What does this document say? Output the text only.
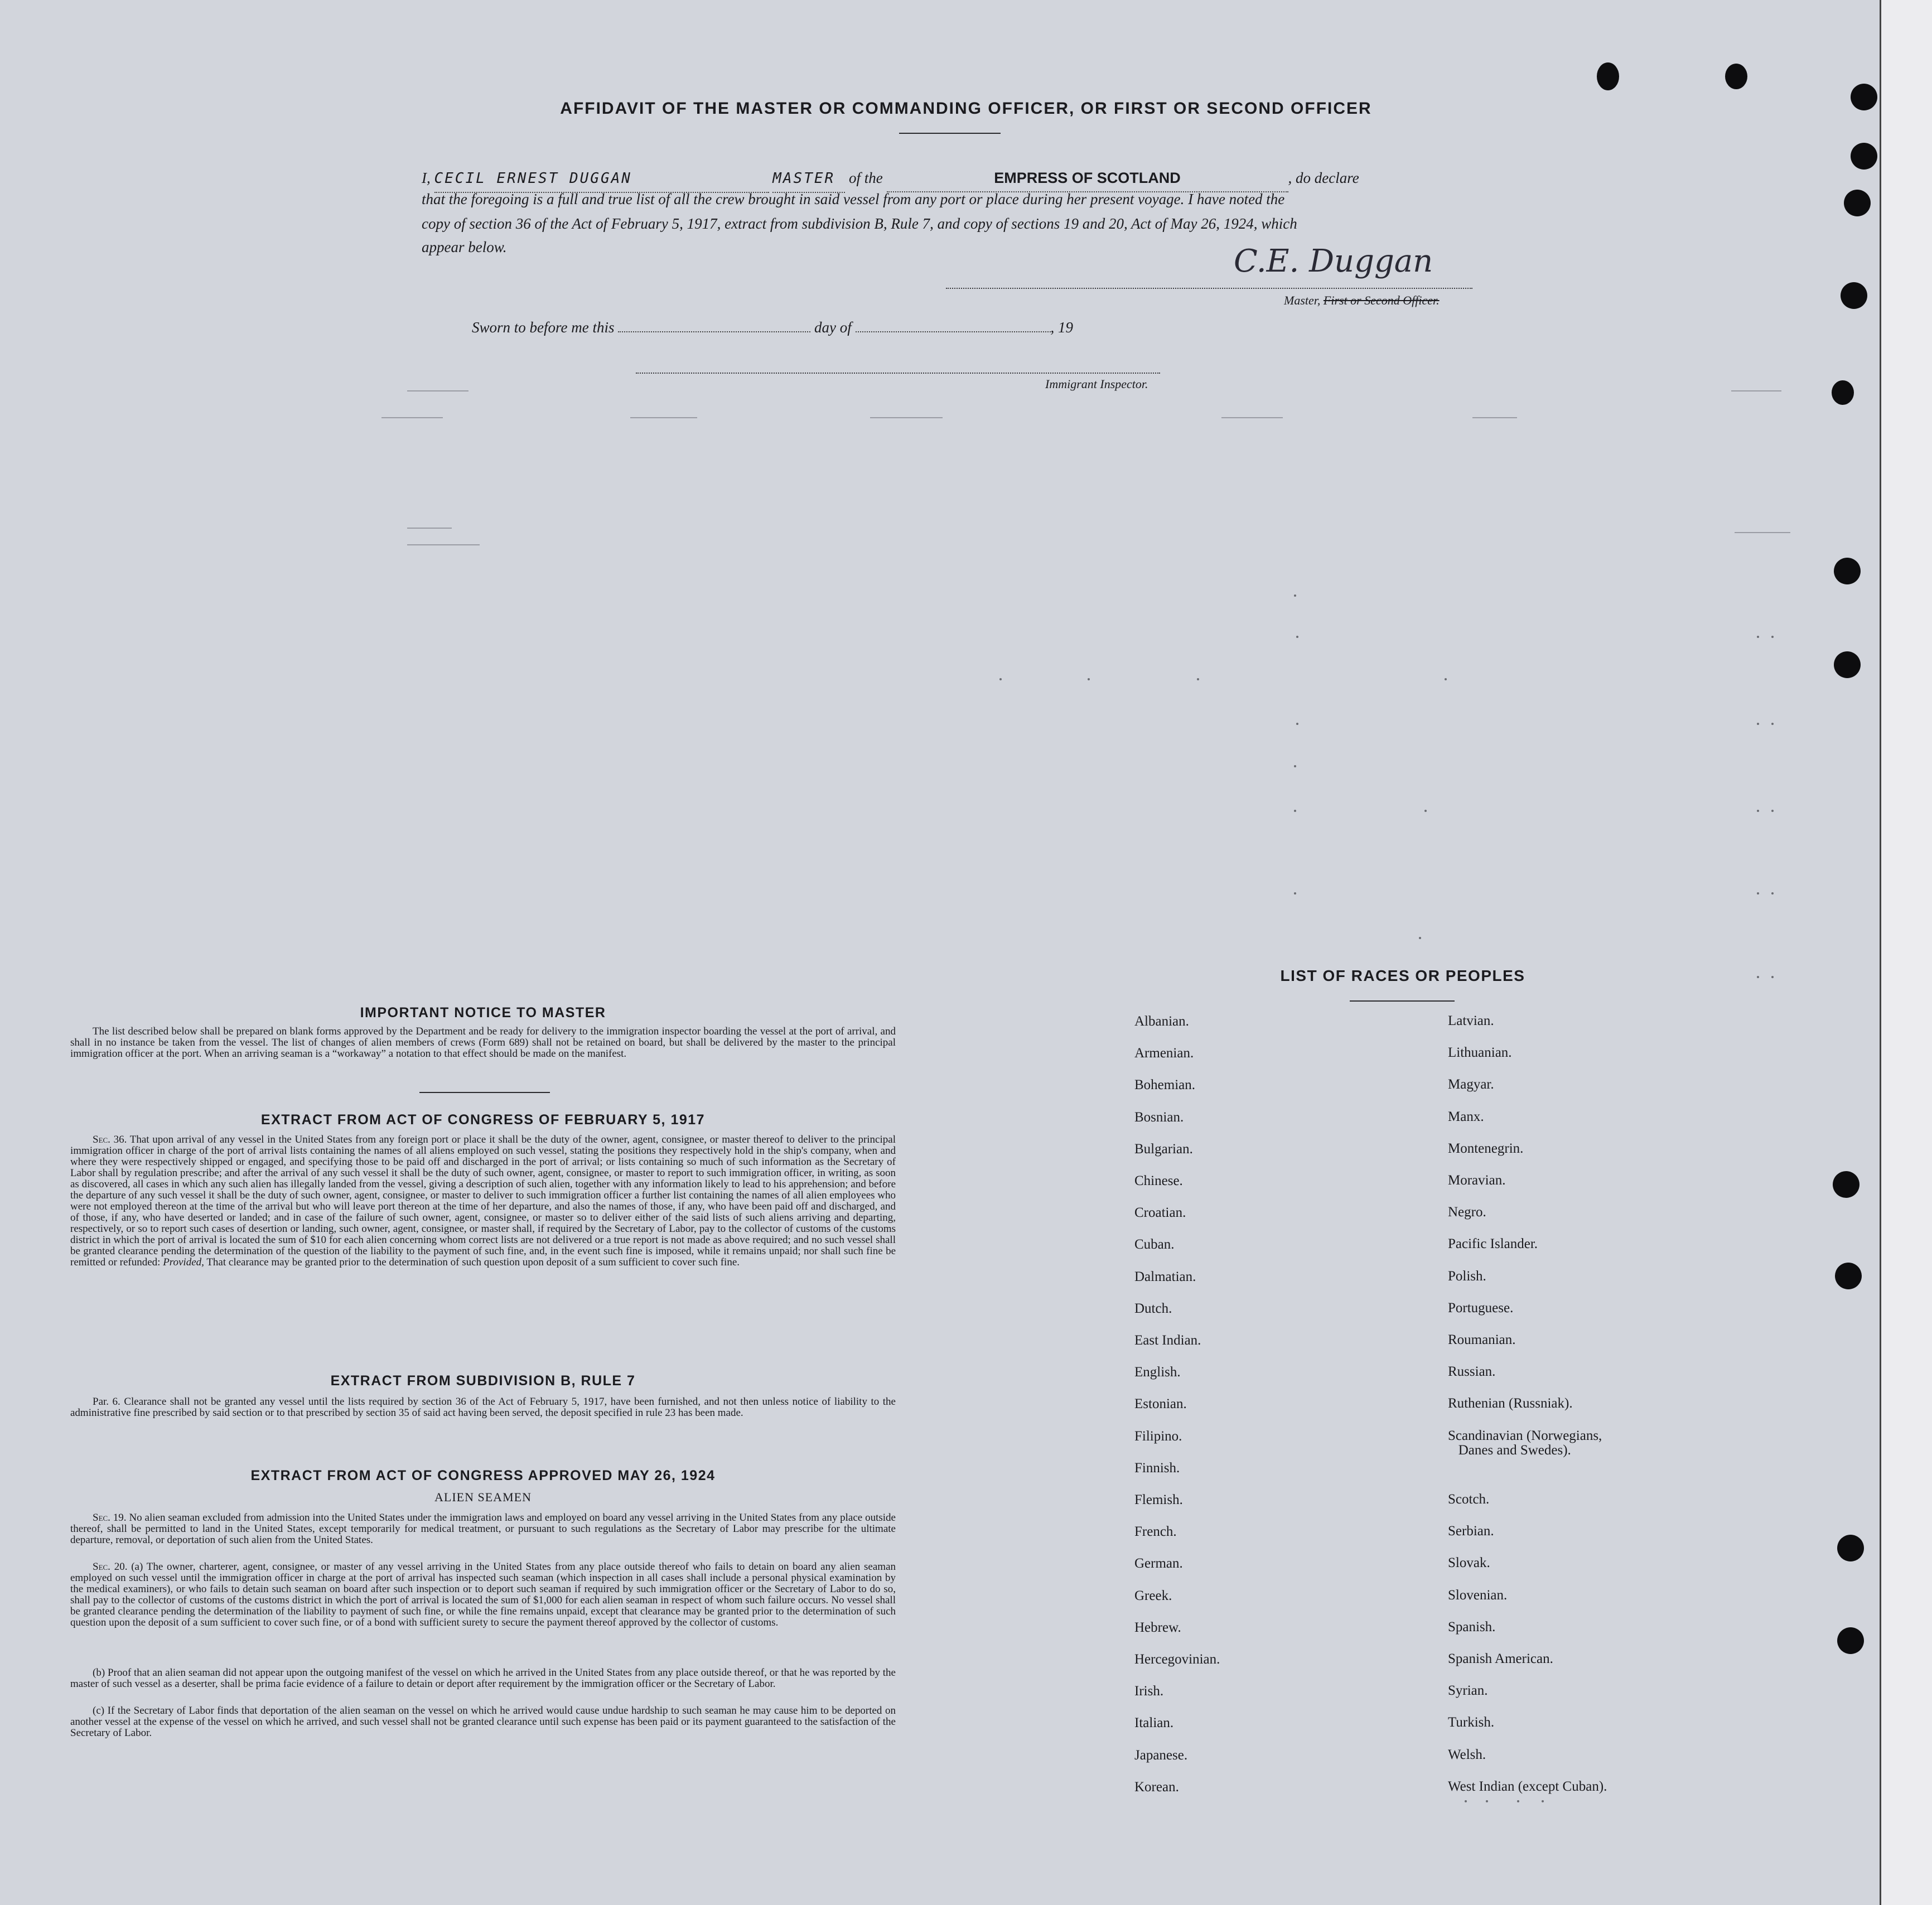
AFFIDAVIT OF THE MASTER OR COMMANDING OFFICER, OR FIRST OR SECOND OFFICER
I, CECIL ERNEST DUGGAN	MASTER of the	EMPRESS OF SCOTLAND	, do declare
that the foregoing is a full and true list of all the crew brought in said vessel from any port or place during her present voyage. I have noted the
copy of section 36 of the Act of February 5, 1917, extract from subdivision B, Rule 7, and copy of sections 19 and 20, Act of May 26, 1924, which
appear below.	C.E. Duggan
Master, First or Second Officer.
Sworn to before me this	day of	, 19
Immigrant Inspector.
IMPORTANT NOTICE TO MASTER
The list described below shall be prepared on blank forms approved by the Department and be ready for delivery to the immigration inspector boarding the vessel at the port of arrival, and shall in no instance be taken from the vessel. The list of changes of alien members of crews (Form 689) shall not be retained on board, but shall be delivered by the master to the principal immigration officer at the port. When an arriving seaman is a “workaway” a notation to that effect should be made on the manifest.
EXTRACT FROM ACT OF CONGRESS OF FEBRUARY 5, 1917
Sec. 36. That upon arrival of any vessel in the United States from any foreign port or place it shall be the duty of the owner, agent, consignee, or master thereof to deliver to the principal immigration officer in charge of the port of arrival lists containing the names of all aliens employed on such vessel, stating the positions they respectively hold in the ship's company, when and where they were respectively shipped or engaged, and specifying those to be paid off and discharged in the port of arrival; or lists containing so much of such information as the Secretary of Labor shall by regulation prescribe; and after the arrival of any such vessel it shall be the duty of such owner, agent, consignee, or master to report to such immigration officer, in writing, as soon as discovered, all cases in which any such alien has illegally landed from the vessel, giving a description of such alien, together with any information likely to lead to his apprehension; and before the departure of any such vessel it shall be the duty of such owner, agent, consignee, or master to deliver to such immigration officer a further list containing the names of all alien employees who were not employed thereon at the time of the arrival but who will leave port thereon at the time of her departure, and also the names of those, if any, who have been paid off and discharged, and of those, if any, who have deserted or landed; and in case of the failure of such owner, agent, consignee, or master so to deliver either of the said lists of such aliens arriving and departing, respectively, or so to report such cases of desertion or landing, such owner, agent, consignee, or master shall, if required by the Secretary of Labor, pay to the collector of customs of the customs district in which the port of arrival is located the sum of $10 for each alien concerning whom correct lists are not delivered or a true report is not made as above required; and no such vessel shall be granted clearance pending the determination of the question of the liability to the payment of such fine, and, in the event such fine is imposed, while it remains unpaid; nor shall such fine be remitted or refunded: Provided, That clearance may be granted prior to the determination of such question upon deposit of a sum sufficient to cover such fine.
EXTRACT FROM SUBDIVISION B, RULE 7
Par. 6. Clearance shall not be granted any vessel until the lists required by section 36 of the Act of February 5, 1917, have been furnished, and not then unless notice of liability to the administrative fine prescribed by said section or to that prescribed by section 35 of said act having been served, the deposit specified in rule 23 has been made.
EXTRACT FROM ACT OF CONGRESS APPROVED MAY 26, 1924
ALIEN SEAMEN
Sec. 19. No alien seaman excluded from admission into the United States under the immigration laws and employed on board any vessel arriving in the United States from any place outside thereof, shall be permitted to land in the United States, except temporarily for medical treatment, or pursuant to such regulations as the Secretary of Labor may prescribe for the ultimate departure, removal, or deportation of such alien from the United States.
Sec. 20. (a) The owner, charterer, agent, consignee, or master of any vessel arriving in the United States from any place outside thereof who fails to detain on board any alien seaman employed on such vessel until the immigration officer in charge at the port of arrival has inspected such seaman (which inspection in all cases shall include a personal physical examination by the medical examiners), or who fails to detain such seaman on board after such inspection or to deport such seaman if required by such immigration officer or the Secretary of Labor to do so, shall pay to the collector of customs of the customs district in which the port of arrival is located the sum of $1,000 for each alien seaman in respect of whom such failure occurs. No vessel shall be granted clearance pending the determination of the liability to payment of such fine, or while the fine remains unpaid, except that clearance may be granted prior to the determination of such question upon the deposit of a sum sufficient to cover such fine, or of a bond with sufficient surety to secure the payment thereof approved by the collector of customs.
(b) Proof that an alien seaman did not appear upon the outgoing manifest of the vessel on which he arrived in the United States from any place outside thereof, or that he was reported by the master of such vessel as a deserter, shall be prima facie evidence of a failure to detain or deport after requirement by the immigration officer or the Secretary of Labor.
(c) If the Secretary of Labor finds that deportation of the alien seaman on the vessel on which he arrived would cause undue hardship to such seaman he may cause him to be deported on another vessel at the expense of the vessel on which he arrived, and such vessel shall not be granted clearance until such expense has been paid or its payment guaranteed to the satisfaction of the Secretary of Labor.
LIST OF RACES OR PEOPLES
Albanian.
Armenian.
Bohemian.
Bosnian.
Bulgarian.
Chinese.
Croatian.
Cuban.
Dalmatian.
Dutch.
East Indian.
English.
Estonian.
Filipino.
Finnish.
Flemish.
French.
German.
Greek.
Hebrew.
Hercegovinian.
Irish.
Italian.
Japanese.
Korean.
Latvian.
Lithuanian.
Magyar.
Manx.
Montenegrin.
Moravian.
Negro.
Pacific Islander.
Polish.
Portuguese.
Roumanian.
Russian.
Ruthenian (Russniak).
Scandinavian (Norwegians,
Danes and Swedes).
Scotch.
Serbian.
Slovak.
Slovenian.
Spanish.
Spanish American.
Syrian.
Turkish.
Welsh.
West Indian (except Cuban).
